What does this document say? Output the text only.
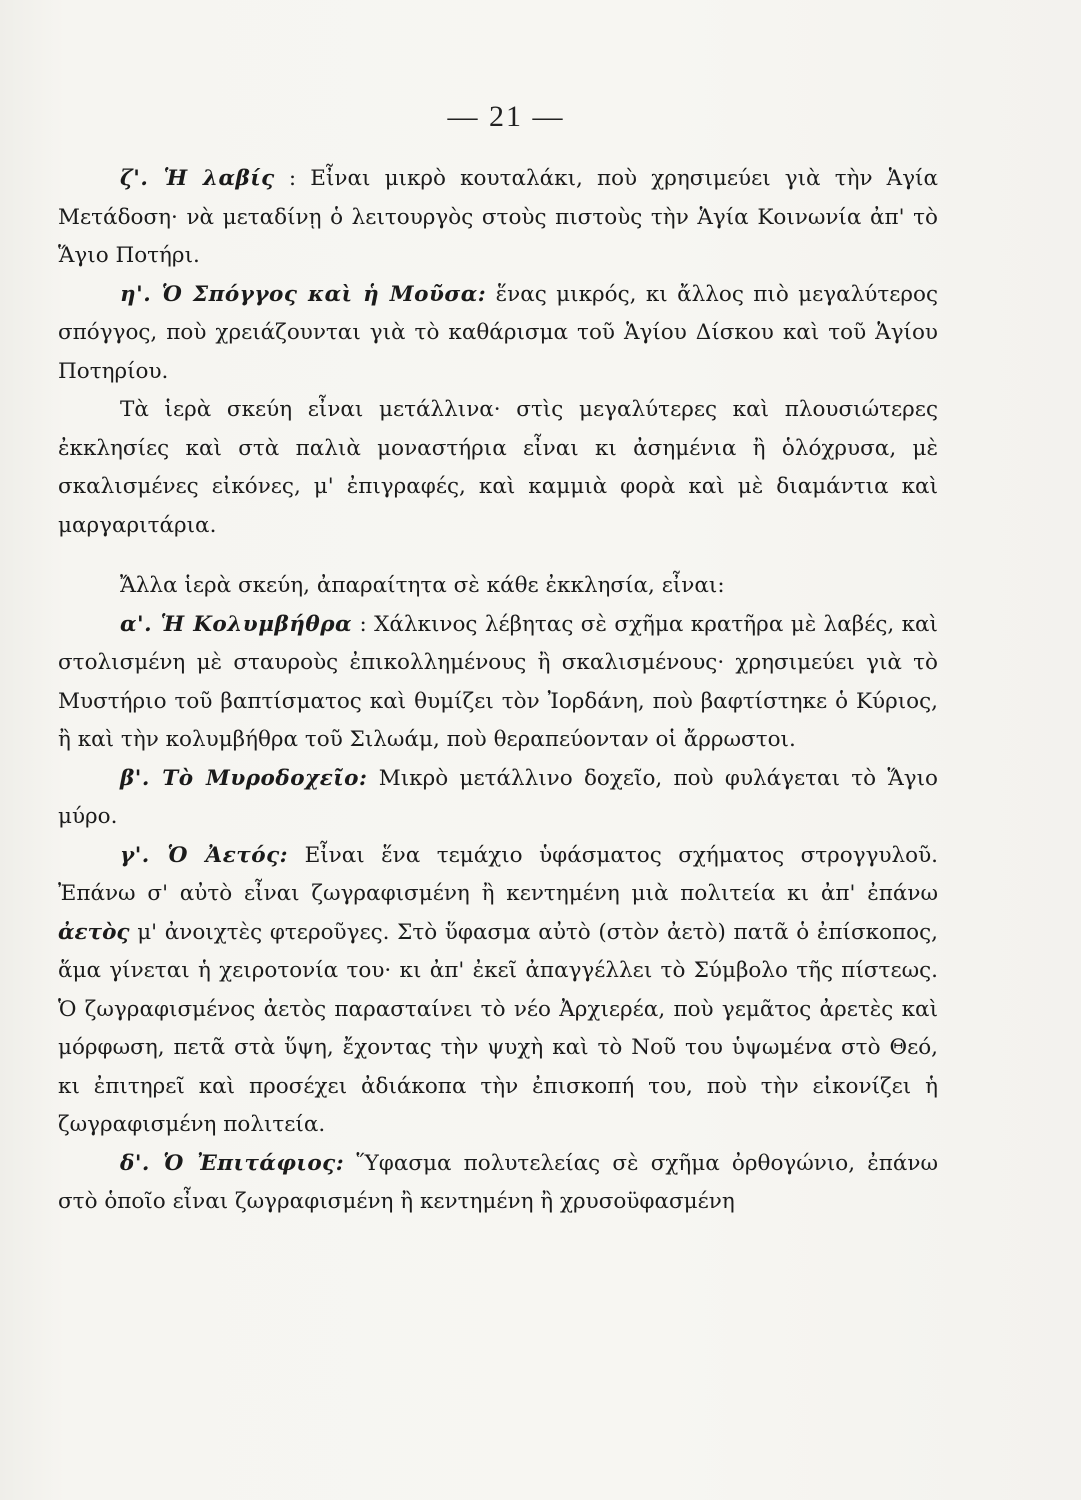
— 21 —

ζ'. Ἡ λαβίς : Εἶναι μικρὸ κουταλάκι, ποὺ χρησιμεύει γιὰ τὴν Ἁγία Μετάδοση· νὰ μεταδίνῃ ὁ λειτουργὸς στοὺς πιστοὺς τὴν Ἁγία Κοινωνία ἀπ' τὸ Ἅγιο Ποτήρι.

η'. Ὁ Σπόγγος καὶ ἡ Μοῦσα: ἕνας μικρός, κι ἄλλος πιὸ μεγαλύτερος σπόγγος, ποὺ χρειάζουνται γιὰ τὸ καθάρισμα τοῦ Ἁγίου Δίσκου καὶ τοῦ Ἁγίου Ποτηρίου.

Τὰ ἱερὰ σκεύη εἶναι μετάλλινα· στὶς μεγαλύτερες καὶ πλουσιώτερες ἐκκλησίες καὶ στὰ παλιὰ μοναστήρια εἶναι κι ἀσημένια ἢ ὁλόχρυσα, μὲ σκαλισμένες εἰκόνες, μ' ἐπιγραφές, καὶ καμμιὰ φορὰ καὶ μὲ διαμάντια καὶ μαργαριτάρια.

Ἄλλα ἱερὰ σκεύη, ἀπαραίτητα σὲ κάθε ἐκκλησία, εἶναι:

α'. Ἡ Κολυμβήθρα : Χάλκινος λέβητας σὲ σχῆμα κρατῆρα μὲ λαβές, καὶ στολισμένη μὲ σταυροὺς ἐπικολλημένους ἢ σκαλισμένους· χρησιμεύει γιὰ τὸ Μυστήριο τοῦ βαπτίσματος καὶ θυμίζει τὸν Ἰορδάνη, ποὺ βαφτίστηκε ὁ Κύριος, ἢ καὶ τὴν κολυμβήθρα τοῦ Σιλωάμ, ποὺ θεραπεύονταν οἱ ἄρρωστοι.

β'. Τὸ Μυροδοχεῖο: Μικρὸ μετάλλινο δοχεῖο, ποὺ φυλάγεται τὸ Ἅγιο μύρο.

γ'. Ὁ Ἀετός: Εἶναι ἕνα τεμάχιο ὑφάσματος σχήματος στρογγυλοῦ. Ἐπάνω σ' αὐτὸ εἶναι ζωγραφισμένη ἢ κεντημένη μιὰ πολιτεία κι ἀπ' ἐπάνω ἀετὸς μ' ἀνοιχτὲς φτεροῦγες. Στὸ ὕφασμα αὐτὸ (στὸν ἀετὸ) πατᾶ ὁ ἐπίσκοπος, ἅμα γίνεται ἡ χειροτονία του· κι ἀπ' ἐκεῖ ἀπαγγέλλει τὸ Σύμβολο τῆς πίστεως. Ὁ ζωγραφισμένος ἀετὸς παρασταίνει τὸ νέο Ἀρχιερέα, ποὺ γεμᾶτος ἀρετὲς καὶ μόρφωση, πετᾶ στὰ ὕψη, ἔχοντας τὴν ψυχὴ καὶ τὸ Νοῦ του ὑψωμένα στὸ Θεό, κι ἐπιτηρεῖ καὶ προσέχει ἀδιάκοπα τὴν ἐπισκοπή του, ποὺ τὴν εἰκονίζει ἡ ζωγραφισμένη πολιτεία.

δ'. Ὁ Ἐπιτάφιος: Ὕφασμα πολυτελείας σὲ σχῆμα ὀρθογώνιο, ἐπάνω στὸ ὁποῖο εἶναι ζωγραφισμένη ἢ κεντημένη ἢ χρυσοϋφασμένη
